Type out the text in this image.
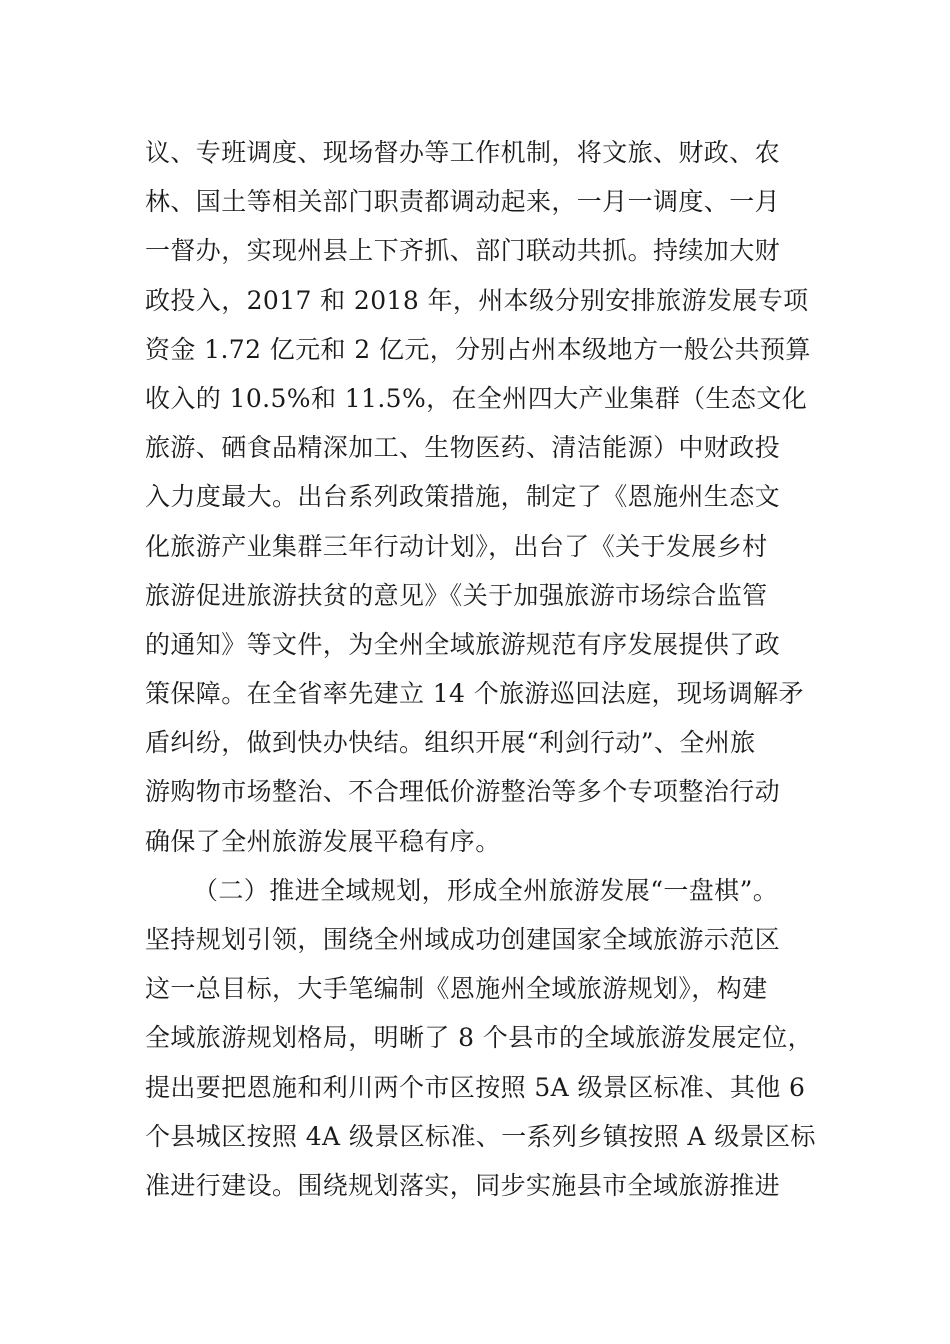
议、专班调度、现场督办等工作机制，将文旅、财政、农
林、国土等相关部门职责都调动起来，一月一调度、一月
一督办，实现州县上下齐抓、部门联动共抓。持续加大财
政投入，2017 和 2018 年，州本级分别安排旅游发展专项
资金 1.72 亿元和 2 亿元，分别占州本级地方一般公共预算
收入的 10.5%和 11.5%，在全州四大产业集群（生态文化
旅游、硒食品精深加工、生物医药、清洁能源）中财政投
入力度最大。出台系列政策措施，制定了《恩施州生态文
化旅游产业集群三年行动计划》，出台了《关于发展乡村
旅游促进旅游扶贫的意见》《关于加强旅游市场综合监管
的通知》等文件，为全州全域旅游规范有序发展提供了政
策保障。在全省率先建立 14 个旅游巡回法庭，现场调解矛
盾纠纷，做到快办快结。组织开展“利剑行动”、全州旅
游购物市场整治、不合理低价游整治等多个专项整治行动
确保了全州旅游发展平稳有序。
（二）推进全域规划，形成全州旅游发展“一盘棋”。
坚持规划引领，围绕全州域成功创建国家全域旅游示范区
这一总目标，大手笔编制《恩施州全域旅游规划》，构建
全域旅游规划格局，明晰了 8 个县市的全域旅游发展定位，
提出要把恩施和利川两个市区按照 5A 级景区标准、其他 6
个县城区按照 4A 级景区标准、一系列乡镇按照 A 级景区标
准进行建设。围绕规划落实，同步实施县市全域旅游推进
